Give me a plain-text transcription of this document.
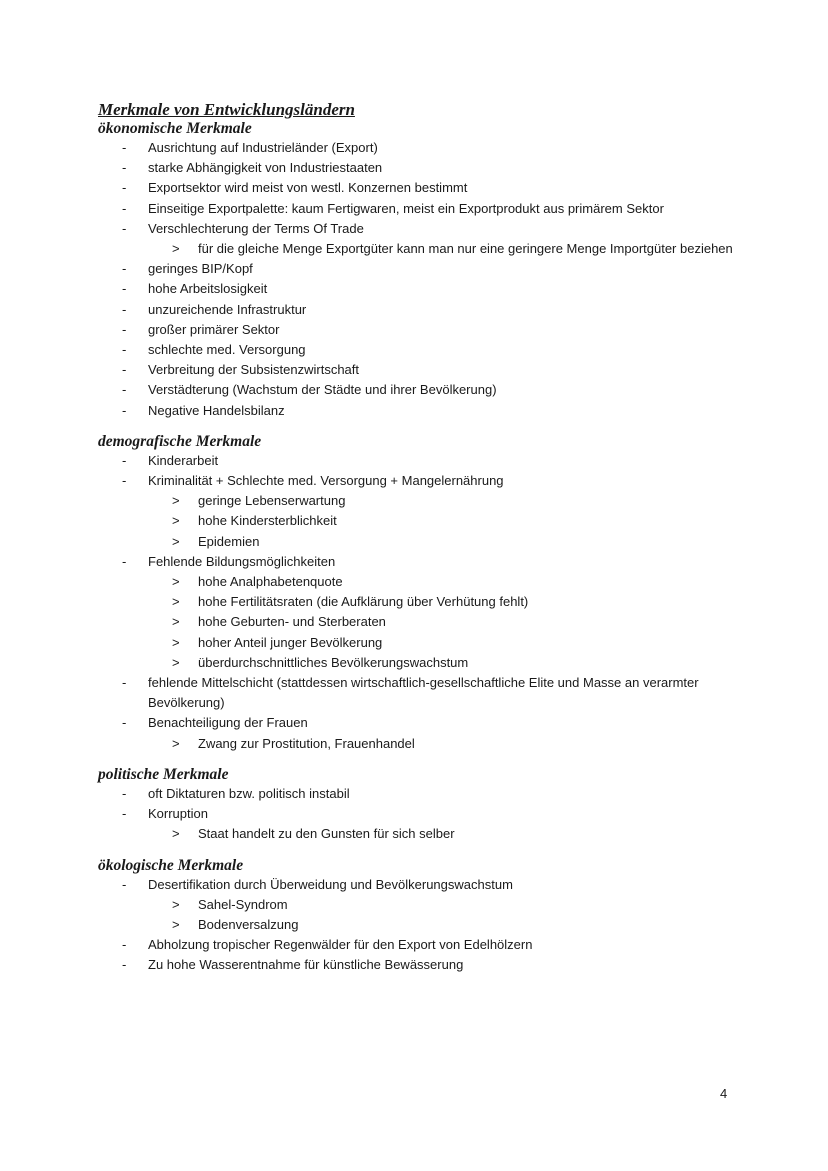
Merkmale von Entwicklungsländern
ökonomische Merkmale
- Ausrichtung auf Industrieländer (Export)
- starke Abhängigkeit von Industriestaaten
- Exportsektor wird meist von westl. Konzernen bestimmt
- Einseitige Exportpalette: kaum Fertigwaren, meist ein Exportprodukt aus primärem Sektor
- Verschlechterung der Terms Of Trade
> für die gleiche Menge Exportgüter kann man nur eine geringere Menge Importgüter beziehen
- geringes BIP/Kopf
- hohe Arbeitslosigkeit
- unzureichende Infrastruktur
- großer primärer Sektor
- schlechte med. Versorgung
- Verbreitung der Subsistenzwirtschaft
- Verstädterung (Wachstum der Städte und ihrer Bevölkerung)
- Negative Handelsbilanz
demografische Merkmale
- Kinderarbeit
- Kriminalität + Schlechte med. Versorgung + Mangelernährung
> geringe Lebenserwartung
> hohe Kindersterblichkeit
> Epidemien
- Fehlende Bildungsmöglichkeiten
> hohe Analphabetenquote
> hohe Fertilitätsraten (die Aufklärung über Verhütung fehlt)
> hohe Geburten- und Sterberaten
> hoher Anteil junger Bevölkerung
> überdurchschnittliches Bevölkerungswachstum
- fehlende Mittelschicht (stattdessen wirtschaftlich-gesellschaftliche Elite und Masse an verarmter Bevölkerung)
- Benachteiligung der Frauen
> Zwang zur Prostitution, Frauenhandel
politische Merkmale
- oft Diktaturen bzw. politisch instabil
- Korruption
> Staat handelt zu den Gunsten für sich selber
ökologische Merkmale
- Desertifikation durch Überweidung und Bevölkerungswachstum
> Sahel-Syndrom
> Bodenversalzung
- Abholzung tropischer Regenwälder für den Export von Edelhölzern
- Zu hohe Wasserentnahme für künstliche Bewässerung
4
